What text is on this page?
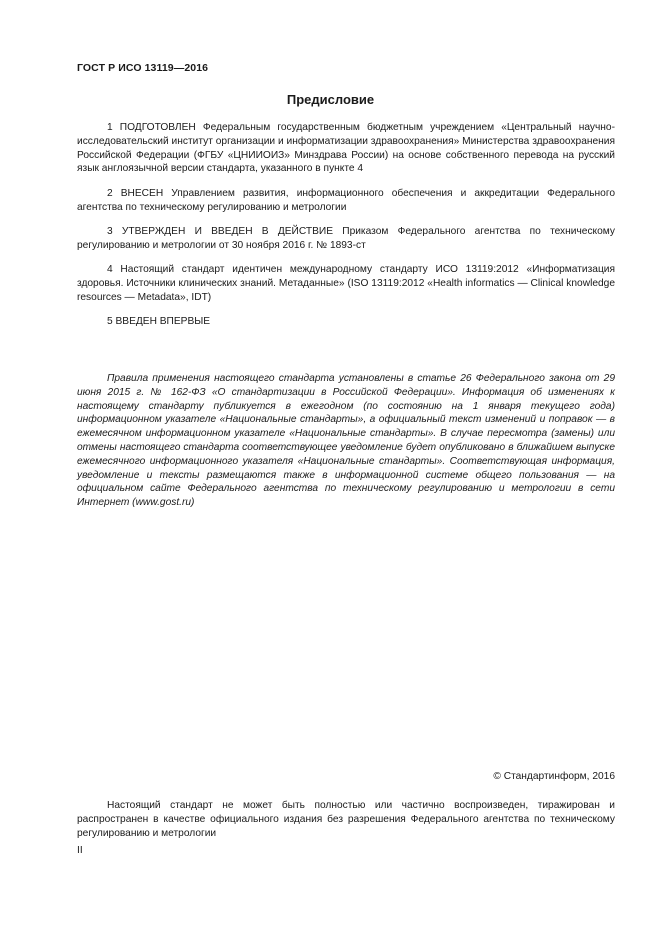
ГОСТ Р ИСО 13119—2016
Предисловие

1 ПОДГОТОВЛЕН Федеральным государственным бюджетным учреждением «Центральный научно-исследовательский институт организации и информатизации здравоохранения» Министерства здравоохранения Российской Федерации (ФГБУ «ЦНИИОИЗ» Минздрава России) на основе собственного перевода на русский язык англоязычной версии стандарта, указанного в пункте 4

2 ВНЕСЕН Управлением развития, информационного обеспечения и аккредитации Федерального агентства по техническому регулированию и метрологии

3 УТВЕРЖДЕН И ВВЕДЕН В ДЕЙСТВИЕ Приказом Федерального агентства по техническому регулированию и метрологии от 30 ноября 2016 г. № 1893-ст

4 Настоящий стандарт идентичен международному стандарту ИСО 13119:2012 «Информатизация здоровья. Источники клинических знаний. Метаданные» (ISO 13119:2012 «Health informatics — Clinical knowledge resources — Metadata», IDT)

5 ВВЕДЕН ВПЕРВЫЕ

Правила применения настоящего стандарта установлены в статье 26 Федерального закона от 29 июня 2015 г. № 162-ФЗ «О стандартизации в Российской Федерации». Информация об изменениях к настоящему стандарту публикуется в ежегодном (по состоянию на 1 января текущего года) информационном указателе «Национальные стандарты», а официальный текст изменений и поправок — в ежемесячном информационном указателе «Национальные стандарты». В случае пересмотра (замены) или отмены настоящего стандарта соответствующее уведомление будет опубликовано в ближайшем выпуске ежемесячного информационного указателя «Национальные стандарты». Соответствующая информация, уведомление и тексты размещаются также в информационной системе общего пользования — на официальном сайте Федерального агентства по техническому регулированию и метрологии в сети Интернет (www.gost.ru)

© Стандартинформ, 2016

Настоящий стандарт не может быть полностью или частично воспроизведен, тиражирован и распространен в качестве официального издания без разрешения Федерального агентства по техническому регулированию и метрологии

II
